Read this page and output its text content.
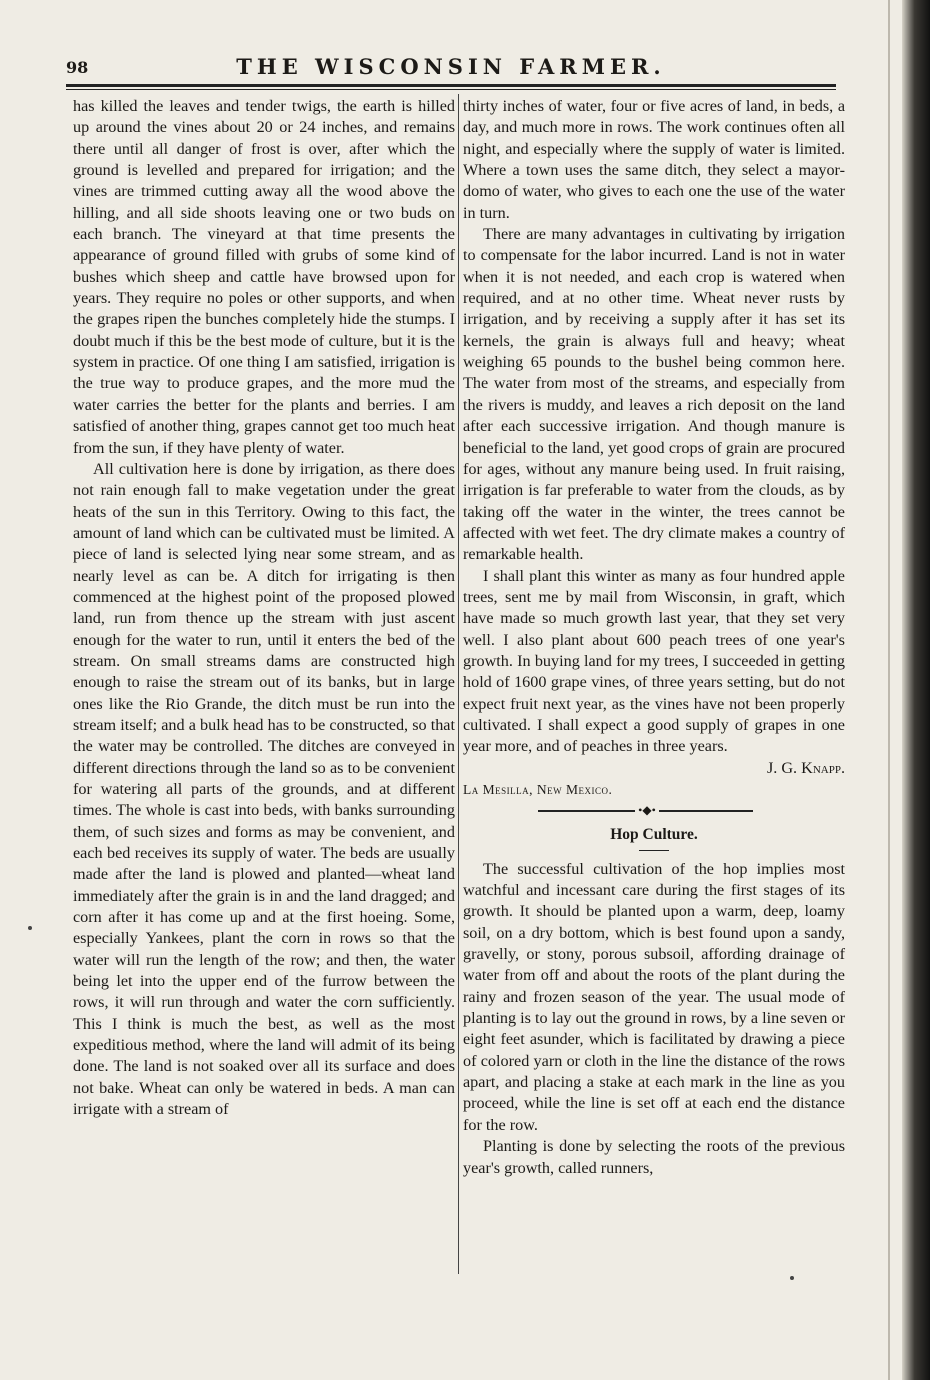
98	THE WISCONSIN FARMER.

has killed the leaves and tender twigs, the earth is hilled up around the vines about 20 or 24 inches, and remains there until all danger of frost is over, after which the ground is levelled and prepared for irrigation; and the vines are trimmed cutting away all the wood above the hilling, and all side shoots leaving one or two buds on each branch. The vineyard at that time presents the appearance of ground filled with grubs of some kind of bushes which sheep and cattle have browsed upon for years. They require no poles or other supports, and when the grapes ripen the bunches completely hide the stumps. I doubt much if this be the best mode of culture, but it is the system in practice. Of one thing I am satisfied, irrigation is the true way to produce grapes, and the more mud the water carries the better for the plants and berries. I am satisfied of another thing, grapes cannot get too much heat from the sun, if they have plenty of water.

All cultivation here is done by irrigation, as there does not rain enough fall to make vegetation under the great heats of the sun in this Territory. Owing to this fact, the amount of land which can be cultivated must be limited. A piece of land is selected lying near some stream, and as nearly level as can be. A ditch for irrigating is then commenced at the highest point of the proposed plowed land, run from thence up the stream with just ascent enough for the water to run, until it enters the bed of the stream. On small streams dams are constructed high enough to raise the stream out of its banks, but in large ones like the Rio Grande, the ditch must be run into the stream itself; and a bulk head has to be constructed, so that the water may be controlled. The ditches are conveyed in different directions through the land so as to be convenient for watering all parts of the grounds, and at different times. The whole is cast into beds, with banks surrounding them, of such sizes and forms as may be convenient, and each bed receives its supply of water. The beds are usually made after the land is plowed and planted—wheat land immediately after the grain is in and the land dragged; and corn after it has come up and at the first hoeing. Some, especially Yankees, plant the corn in rows so that the water will run the length of the row; and then, the water being let into the upper end of the furrow between the rows, it will run through and water the corn sufficiently. This I think is much the best, as well as the most expeditious method, where the land will admit of its being done. The land is not soaked over all its surface and does not bake. Wheat can only be watered in beds. A man can irrigate with a stream of

thirty inches of water, four or five acres of land, in beds, a day, and much more in rows. The work continues often all night, and especially where the supply of water is limited. Where a town uses the same ditch, they select a mayor-domo of water, who gives to each one the use of the water in turn.

There are many advantages in cultivating by irrigation to compensate for the labor incurred. Land is not in water when it is not needed, and each crop is watered when required, and at no other time. Wheat never rusts by irrigation, and by receiving a supply after it has set its kernels, the grain is always full and heavy; wheat weighing 65 pounds to the bushel being common here. The water from most of the streams, and especially from the rivers is muddy, and leaves a rich deposit on the land after each successive irrigation. And though manure is beneficial to the land, yet good crops of grain are procured for ages, without any manure being used. In fruit raising, irrigation is far preferable to water from the clouds, as by taking off the water in the winter, the trees cannot be affected with wet feet. The dry climate makes a country of remarkable health.

I shall plant this winter as many as four hundred apple trees, sent me by mail from Wisconsin, in graft, which have made so much growth last year, that they set very well. I also plant about 600 peach trees of one year's growth. In buying land for my trees, I succeeded in getting hold of 1600 grape vines, of three years setting, but do not expect fruit next year, as the vines have not been properly cultivated. I shall expect a good supply of grapes in one year more, and of peaches in three years.

J. G. Knapp.

La Mesilla, New Mexico.

•◆•
Hop Culture.

The successful cultivation of the hop implies most watchful and incessant care during the first stages of its growth. It should be planted upon a warm, deep, loamy soil, on a dry bottom, which is best found upon a sandy, gravelly, or stony, porous subsoil, affording drainage of water from off and about the roots of the plant during the rainy and frozen season of the year. The usual mode of planting is to lay out the ground in rows, by a line seven or eight feet asunder, which is facilitated by drawing a piece of colored yarn or cloth in the line the distance of the rows apart, and placing a stake at each mark in the line as you proceed, while the line is set off at each end the distance for the row.

Planting is done by selecting the roots of the previous year's growth, called runners,
